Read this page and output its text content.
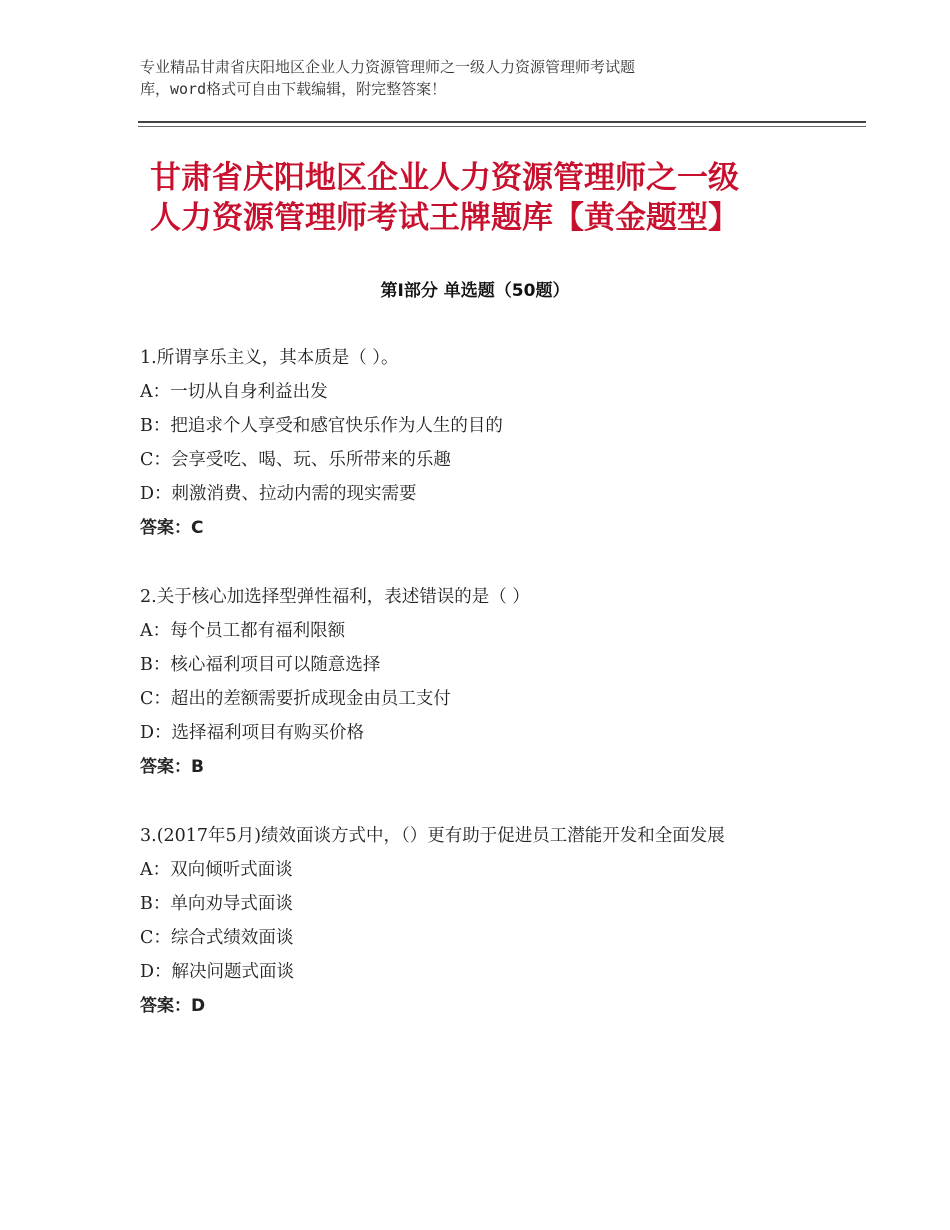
专业精品甘肃省庆阳地区企业人力资源管理师之一级人力资源管理师考试题
库，word格式可自由下载编辑，附完整答案！
甘肃省庆阳地区企业人力资源管理师之一级
人力资源管理师考试王牌题库【黄金题型】
第Ⅰ部分 单选题（50题）
1.所谓享乐主义，其本质是（ ）。
A：一切从自身利益出发
B：把追求个人享受和感官快乐作为人生的目的
C：会享受吃、喝、玩、乐所带来的乐趣
D：刺激消费、拉动内需的现实需要
答案：C
2.关于核心加选择型弹性福利，表述错误的是（ ）
A：每个员工都有福利限额
B：核心福利项目可以随意选择
C：超出的差额需要折成现金由员工支付
D：选择福利项目有购买价格
答案：B
3.(2017年5月)绩效面谈方式中，（）更有助于促进员工潜能开发和全面发展
A：双向倾听式面谈
B：单向劝导式面谈
C：综合式绩效面谈
D：解决问题式面谈
答案：D
